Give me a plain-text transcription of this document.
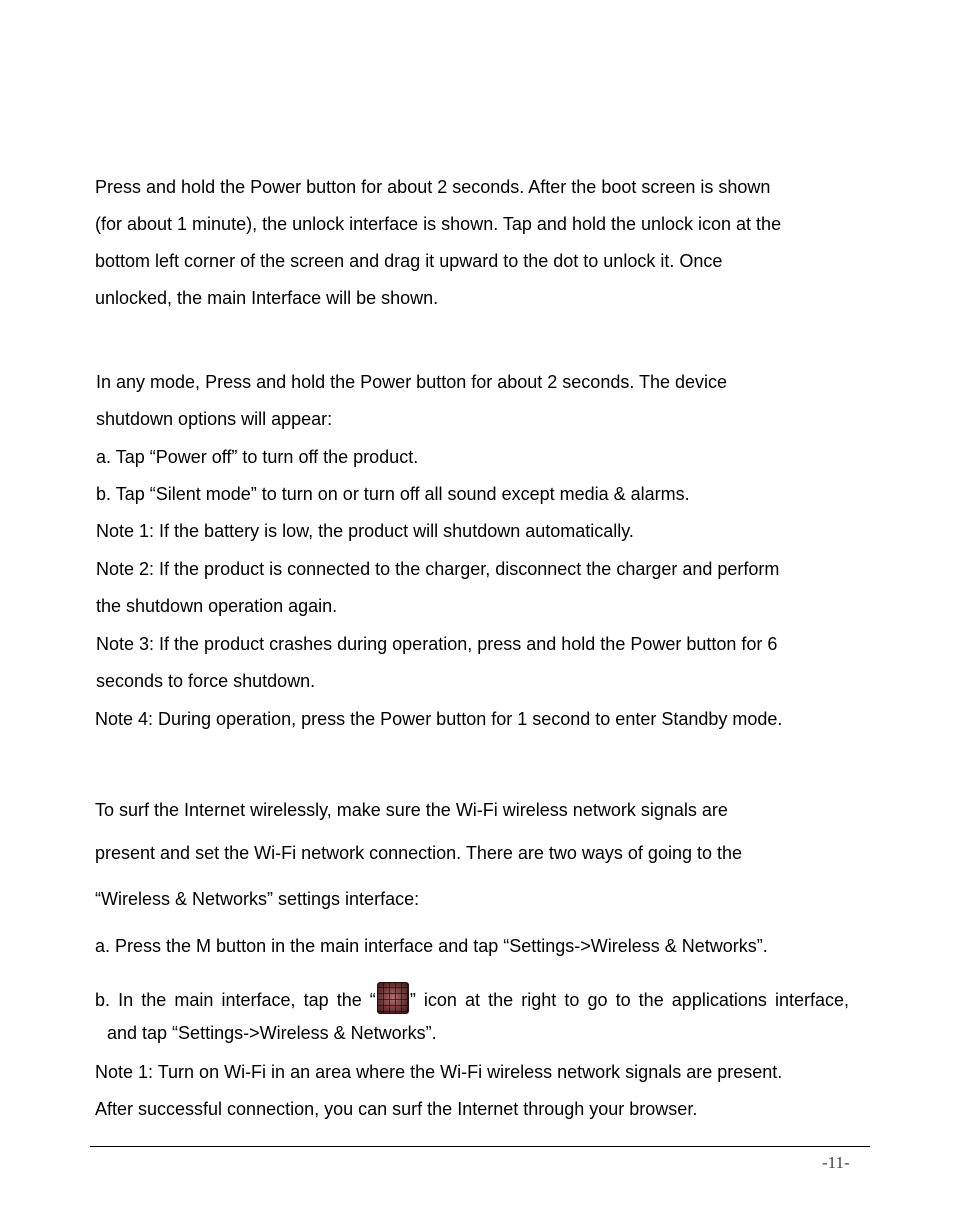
Press and hold the Power button for about 2 seconds. After the boot screen is shown
(for about 1 minute), the unlock interface is shown. Tap and hold the unlock icon at the
bottom left corner of the screen and drag it upward to the dot to unlock it. Once
unlocked, the main Interface will be shown.
In any mode, Press and hold the Power button for about 2 seconds. The device
shutdown options will appear:
a. Tap “Power off” to turn off the product.
b. Tap “Silent mode” to turn on or turn off all sound except media & alarms.
Note 1: If the battery is low, the product will shutdown automatically.
Note 2: If the product is connected to the charger, disconnect the charger and perform
the shutdown operation again.
Note 3: If the product crashes during operation, press and hold the Power button for 6
seconds to force shutdown.
Note 4: During operation, press the Power button for 1 second to enter Standby mode.
To surf the Internet wirelessly, make sure the Wi-Fi wireless network signals are
present and set the Wi-Fi network connection. There are two ways of going to the
“Wireless & Networks” settings interface:
a. Press the M button in the main interface and tap “Settings->Wireless & Networks”.
b. In the main interface, tap the “ ” icon at the right to go to the applications interface,
and tap “Settings->Wireless & Networks”.
Note 1: Turn on Wi-Fi in an area where the Wi-Fi wireless network signals are present.
After successful connection, you can surf the Internet through your browser.
-11-
